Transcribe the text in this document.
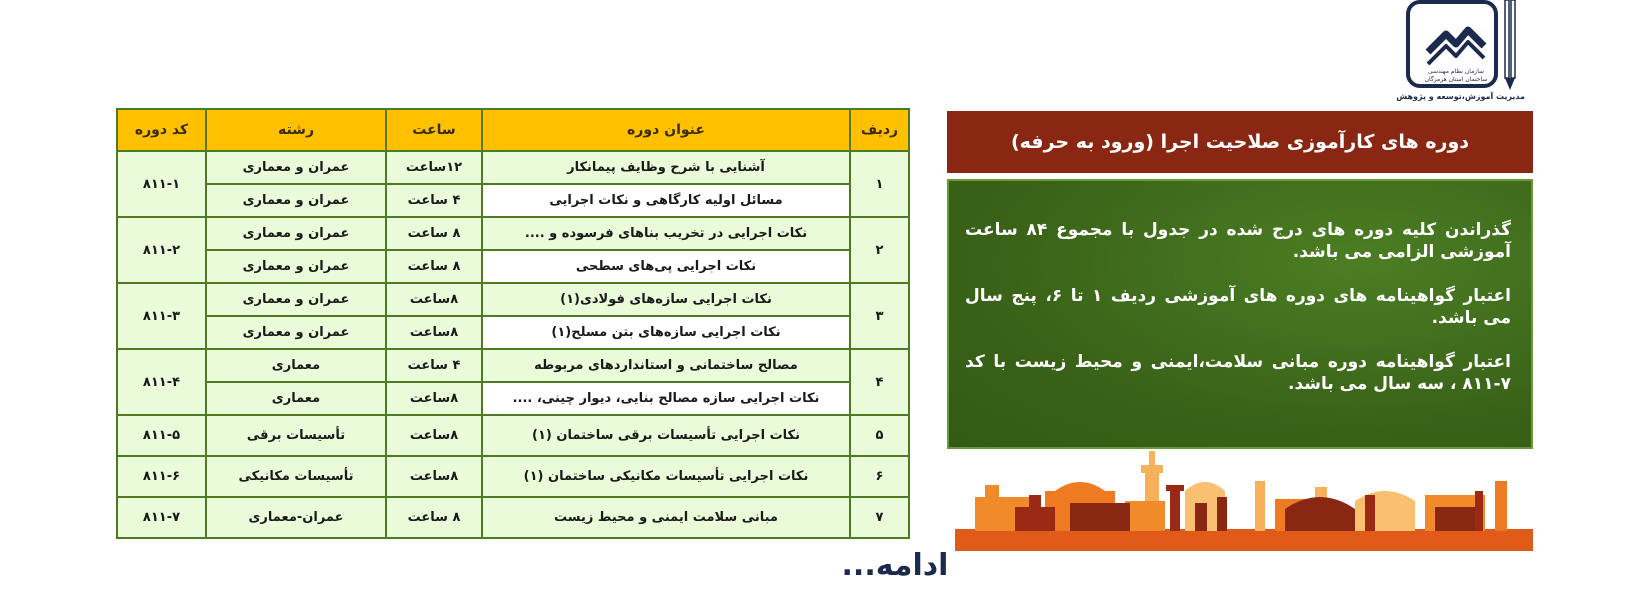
سازمان نظام مهندسی ساختمان استان هرمزگان
مدیریت آموزش،توسعه و پژوهش
ردیف	عنوان دوره	ساعت	رشته	کد دوره
۱	آشنایی با شرح وظایف پیمانکار	۱۲ساعت	عمران و معماری	۸۱۱-۱
	مسائل اولیه کارگاهی و نکات اجرایی	۴ ساعت	عمران و معماری	
۲	نکات اجرایی در تخریب بناهای فرسوده و ....	۸ ساعت	عمران و معماری	۸۱۱-۲
	نکات اجرایی پی‌های سطحی	۸ ساعت	عمران و معماری	
۳	نکات اجرایی سازه‌های فولادی(۱)	۸ساعت	عمران و معماری	۸۱۱-۳
	نکات اجرایی سازه‌های بتن مسلح(۱)	۸ساعت	عمران و معماری	
۴	مصالح ساختمانی و استانداردهای مربوطه	۴ ساعت	معماری	۸۱۱-۴
	نکات اجرایی سازه مصالح بنایی، دیوار چینی، ....	۸ساعت	معماری	
۵	نکات اجرایی تأسیسات برقی ساختمان (۱)	۸ساعت	تأسیسات برقی	۸۱۱-۵
۶	نکات اجرایی تأسیسات مکانیکی ساختمان (۱)	۸ساعت	تأسیسات مکانیکی	۸۱۱-۶
۷	مبانی سلامت ایمنی و محیط زیست	۸ ساعت	عمران-معماری	۸۱۱-۷
دوره های کارآموزی صلاحیت اجرا (ورود به حرفه)

گذراندن کلیه دوره های درج شده در جدول با مجموع ۸۴ ساعت آموزشی الزامی می باشد.

اعتبار گواهینامه های دوره های آموزشی ردیف ۱ تا ۶، پنج سال می باشد.

اعتبار گواهینامه دوره مبانی سلامت،ایمنی و محیط زیست با کد ۷-۸۱۱ ، سه سال می باشد.

ادامه...
